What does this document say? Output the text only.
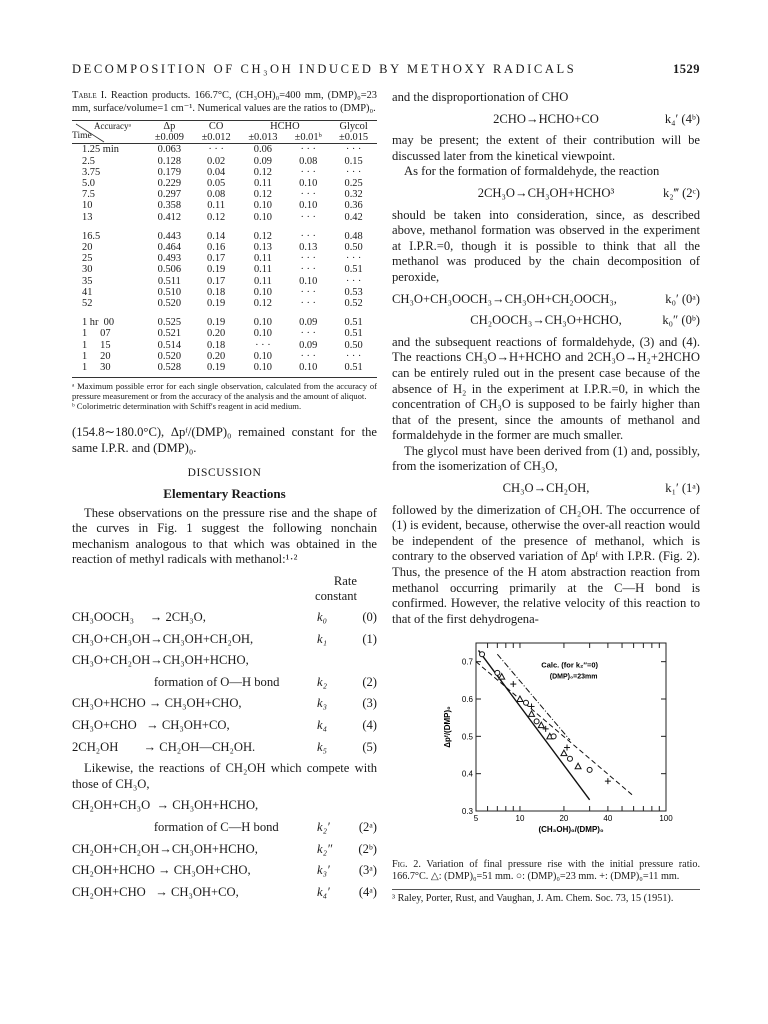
DECOMPOSITION OF CH₃OH INDUCED BY METHOXY RADICALS	1529

Table I. Reaction products. 166.7°C, (CH₃OH)₀=400 mm, (DMP)₀=23 mm, surface/volume=1 cm⁻¹. Numerical values are the ratios to (DMP)₀.

Accuracyᵃ
Time	Δp	CO	HCHO		Glycol
	±0.009	±0.012	±0.013	±0.01ᵇ	±0.015
1.25 min	0.063	· · ·	0.06	· · ·	· · ·
2.5	0.128	0.02	0.09	0.08	0.15
3.75	0.179	0.04	0.12	· · ·	· · ·
5.0	0.229	0.05	0.11	0.10	0.25
7.5	0.297	0.08	0.12	· · ·	0.32
10	0.358	0.11	0.10	0.10	0.36
13	0.412	0.12	0.10	· · ·	0.42

16.5	0.443	0.14	0.12	· · ·	0.48
20	0.464	0.16	0.13	0.13	0.50
25	0.493	0.17	0.11	· · ·	· · ·
30	0.506	0.19	0.11	· · ·	0.51
35	0.511	0.17	0.11	0.10	· · ·
41	0.510	0.18	0.10	· · ·	0.53
52	0.520	0.19	0.12	· · ·	0.52

1 hr  00	0.525	0.19	0.10	0.09	0.51
1     07	0.521	0.20	0.10	· · ·	0.51
1     15	0.514	0.18	· · ·	0.09	0.50
1     20	0.520	0.20	0.10	· · ·	· · ·
1     30	0.528	0.19	0.10	0.10	0.51

ᵃ Maximum possible error for each single observation, calculated from the accuracy of pressure measurement or from the accuracy of the analysis and the amount of aliquot.

ᵇ Colorimetric determination with Schiff's reagent in acid medium.

(154.8∼180.0°C), Δpᶠ/(DMP)₀ remained constant for the same I.P.R. and (DMP)₀.

DISCUSSION
Elementary Reactions

These observations on the pressure rise and the shape of the curves in Fig. 1 suggest the following nonchain mechanism analogous to that which was obtained in the reaction of methyl radicals with methanol:¹·²

Rate
constant
CH₃OOCH₃     → 2CH₃O,	k₀	(0)
CH₃O+CH₃OH→CH₃OH+CH₂OH,	k₁	(1)
CH₃O+CH₂OH→CH₃OH+HCHO,
formation of O—H bond	k₂	(2)
CH₃O+HCHO → CH₃OH+CHO,	k₃	(3)
CH₃O+CHO   → CH₃OH+CO,	k₄	(4)
2CH₂OH        → CH₂OH—CH₂OH.	k₅	(5)

Likewise, the reactions of CH₂OH which compete with those of CH₃O,

CH₂OH+CH₃O  → CH₃OH+HCHO,
formation of C—H bond	k₂′ (2ᵃ)
CH₂OH+CH₂OH→CH₃OH+HCHO,	k₂″ (2ᵇ)
CH₂OH+HCHO → CH₃OH+CHO,	k₃′ (3ᵃ)
CH₂OH+CHO   → CH₃OH+CO,	k₄′ (4ᵃ)

and the disproportionation of CHO

2CHO→HCHO+CO	k₄′ (4ᵇ)

may be present; the extent of their contribution will be discussed later from the kinetical viewpoint.

As for the formation of formaldehyde, the reaction

2CH₃O→CH₃OH+HCHO³	k₂‴ (2ᶜ)

should be taken into consideration, since, as described above, methanol formation was observed in the experiment at I.P.R.=0, though it is possible to think that all the methanol was produced by the chain decomposition of peroxide,

CH₃O+CH₃OOCH₃→CH₃OH+CH₂OOCH₃,	k₀′ (0ᵃ)
CH₂OOCH₃→CH₃O+HCHO,	k₀″ (0ᵇ)

and the subsequent reactions of formaldehyde, (3) and (4). The reactions CH₃O→H+HCHO and 2CH₃O→H₂+2HCHO can be entirely ruled out in the present case because of the absence of H₂ in the experiment at I.P.R.=0, in which the concentration of CH₃O is supposed to be fairly higher than that of the present, since the amounts of methanol and formaldehyde in the former are much smaller.

The glycol must have been derived from (1) and, possibly, from the isomerization of CH₃O,

CH₃O→CH₂OH,	k₁′ (1ᵃ)

followed by the dimerization of CH₂OH. The occurrence of (1) is evident, because, otherwise the over-all reaction would be independent of the presence of methanol, which is contrary to the observed variation of Δpᶠ with I.P.R. (Fig. 2). Thus, the presence of the H atom abstraction reaction from methanol occurring primarily at the C—H bond is confirmed. However, the relative velocity of this reaction to that of the first dehydrogena-

0.3
0.4
0.5
0.6
0.7
5	10	20	40	100
(CH₃OH)₀/(DMP)₀
Δpᶠ/(DMP)₀
Calc. (for k₂″=0)
(DMP)₀=23mm

Fig. 2. Variation of final pressure rise with the initial pressure ratio. 166.7°C. △: (DMP)₀=51 mm. ○: (DMP)₀=23 mm. +: (DMP)₀=11 mm.

³ Raley, Porter, Rust, and Vaughan, J. Am. Chem. Soc. 73, 15 (1951).
